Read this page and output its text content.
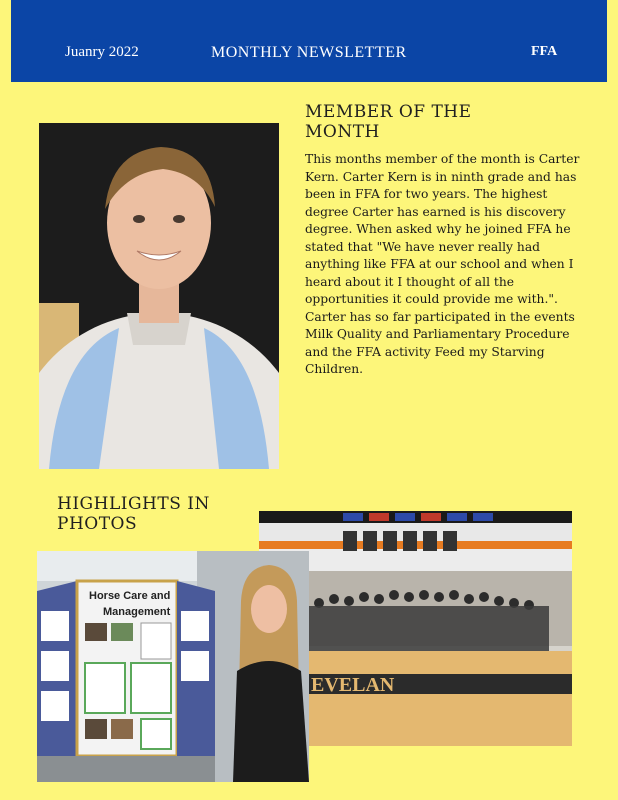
Juanry 2022	MONTHLY NEWSLETTER	FFA
MEMBER OF THE MONTH
This months member of the month is Carter Kern. Carter Kern is in ninth grade and has been in FFA for two years. The highest degree Carter has earned is his discovery degree. When asked why he joined FFA he stated that "We have never really had anything like FFA at our school and when I heard about it I thought of all the opportunities it could provide me with.". Carter has so far participated in the events Milk Quality and Parliamentary Procedure and the FFA activity Feed my Starving Children.
HIGHLIGHTS IN PHOTOS
EVELAN
Horse Care and
Management
